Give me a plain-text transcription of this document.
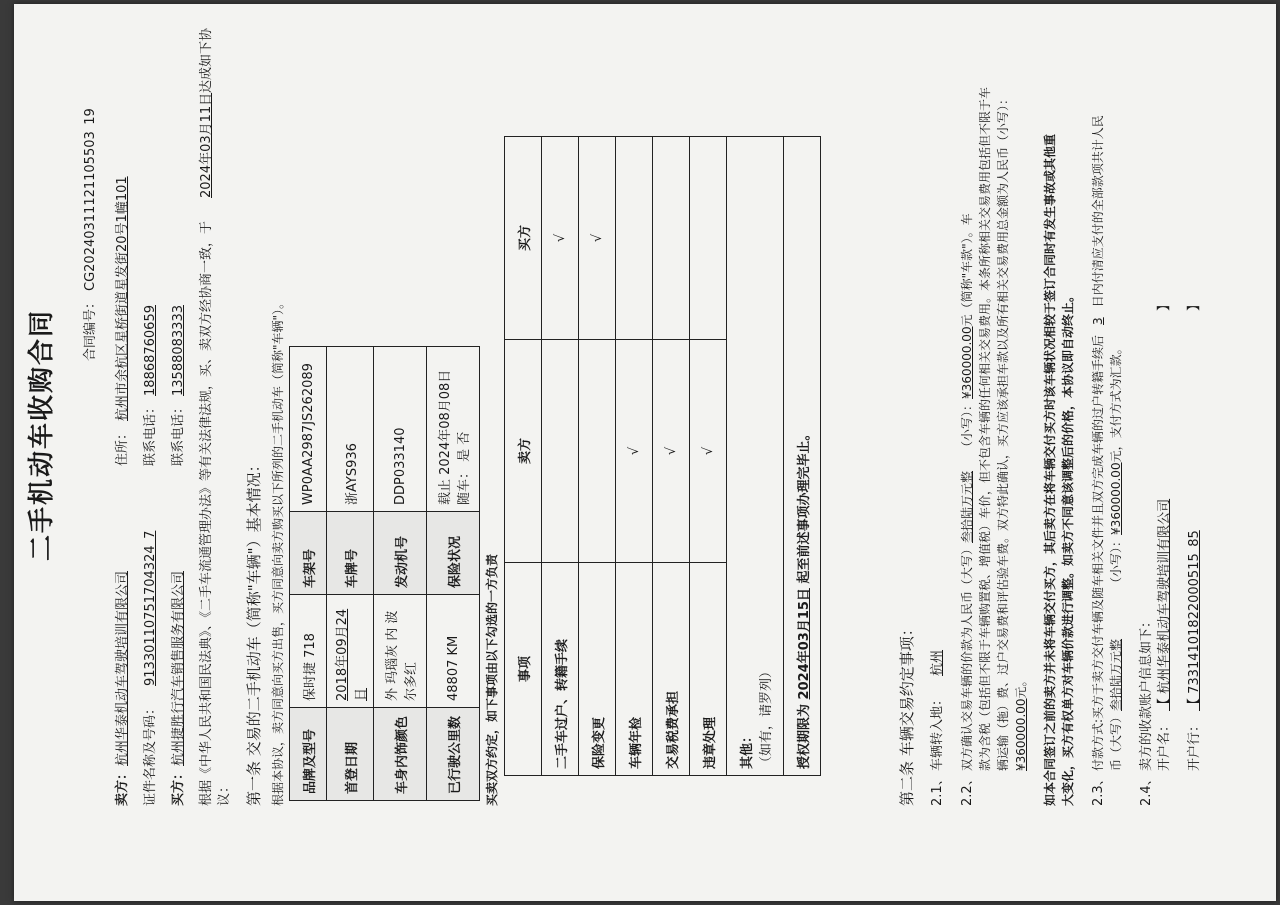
二手机动车收购合同 合同编号：
CG20240311121105503 19
卖方：
杭州华泰机动车驾驶培训有限公司
住所：
杭州市余杭区星桥街道星发街20号1幢101
证件名称及号码：
91330110751704324 7
联系电话：
18868760659
买方：
杭州捷胜行汽车销售服务有限公司
联系电话：
13588083333 根据《中华人民共和国民法典》、《二手车流通管理办法》等有关法律法规，买、卖双方经协商一致，于
2024年03月11日
达成如下协
议： 第一条 交易的二手机动车（简称"车辆"）基本情况： 根据本协议，卖方同意向买方出售，买方同意向卖方购买以下所列的二手机动车（简称"车辆"）。 品牌及型号	保时捷 718	车架号	WP0AA2987JS262089
首登日期	2018年09月24日	车牌号	浙AYS936
车身内饰颜色	外 玛瑙灰 内 波尔多红	发动机号	DDP033140
已行驶公里数	48807 KM	保险状况	载止 2024年08月08日 随车： 是 否
买卖双方约定，如下事项由以下勾选的一方负责 事项	卖方	买方
二手车过户、转籍手续		√
保险变更		√
车辆年检	√	
交易税费承担	√	
违章处理	√	

其他： （如有，请罗列）		

授权期限为 2024年03月15日 起至前述事项办理完毕止。		
第二条 车辆交易约定事项： 2.1、
车辆转入地：
杭州
2.2、
双方确认交易车辆的价款为人民币（大写）叁拾陆万元整（小写）：¥360000.00元（简称"车款"）。车 款为含税（包括但不限于车辆购置税、增值税）车价，但不包含车辆的任何相关交易费用。本条所称相关交易费用包括但不限于车 辆运输（拖）费、过户交易费和评估验车费。双方特此确认，买方应该承担车款以及所有相关交易费用总金额为人民币（小写）： ¥360000.00元。 如本合同签订之前的卖方并未将车辆交付买方，其后卖方在将车辆交付买方时该车辆状况相较于签订合同时有发生事故或其他重 大变化，买方有权单方对车辆价款进行调整。如卖方不同意该调整后的价格，本协议即自动终止。 2.3、
付款方式:买方于卖方交付车辆及随车相关文件并且双方完成车辆的过户转籍手续后3日内付清应支付的全部款项共计人民
币（大写）叁拾陆万元整（小写）：¥360000.00元，支付方式为汇款。
2.4、
卖方的收款账户信息如下： 开户名：
【 杭州华泰机动车驾驶培训有限公司
】
开户行：
【 73314101822000515 85
】
